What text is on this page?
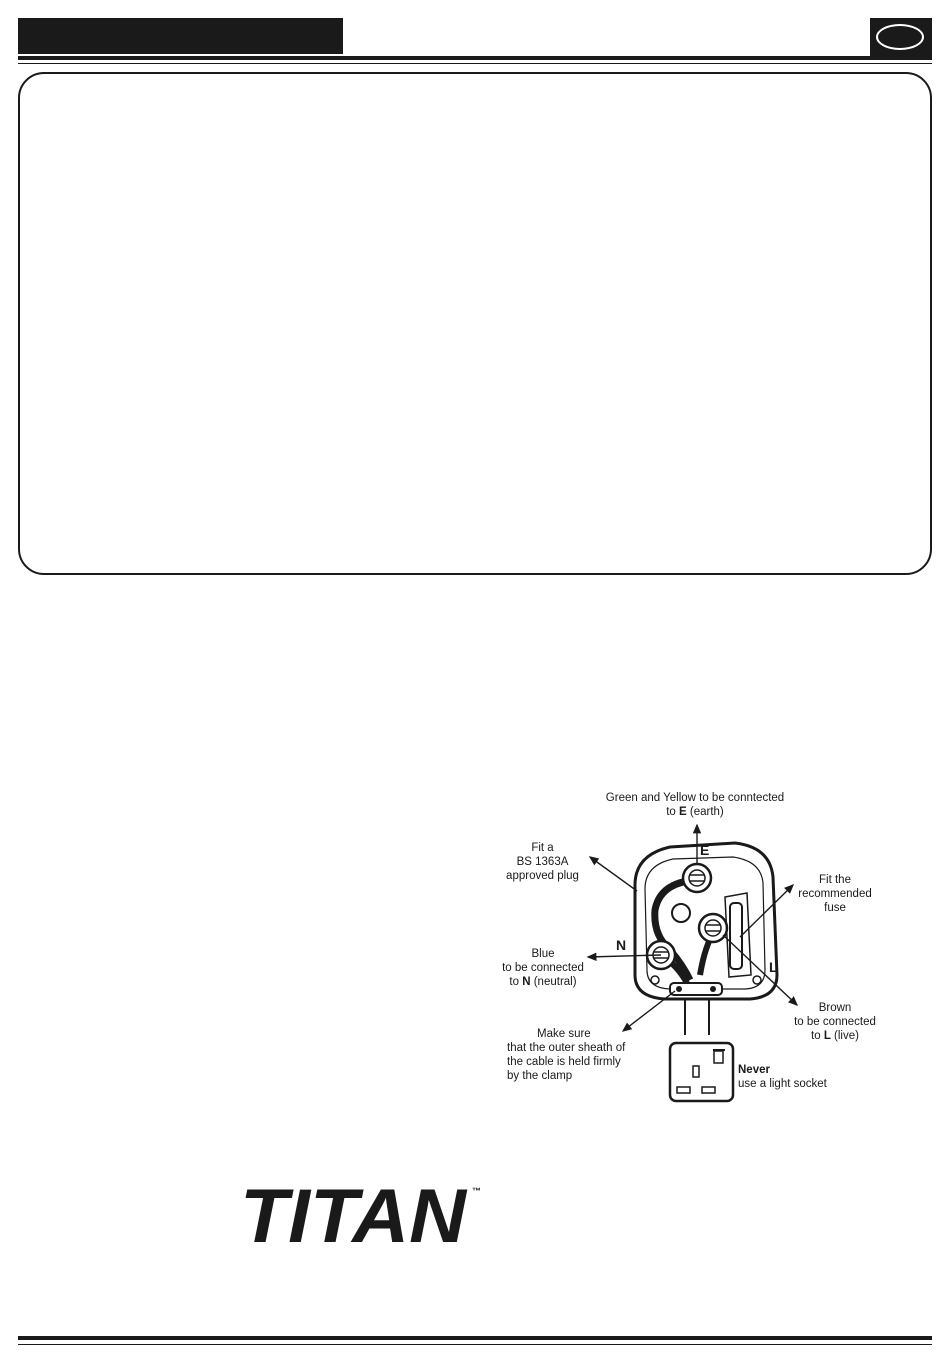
Green and Yellow to be conntected
to E (earth)
Fit a
BS 1363A
approved plug	Fit the
recommended
fuse
Blue
to be connected
to N (neutral)
Brown
to be connected
to L (live)
Make sure
that the outer sheath of
the cable is held firmly
by the clamp	Never
use a light socket
E
N
L
TITAN ™
